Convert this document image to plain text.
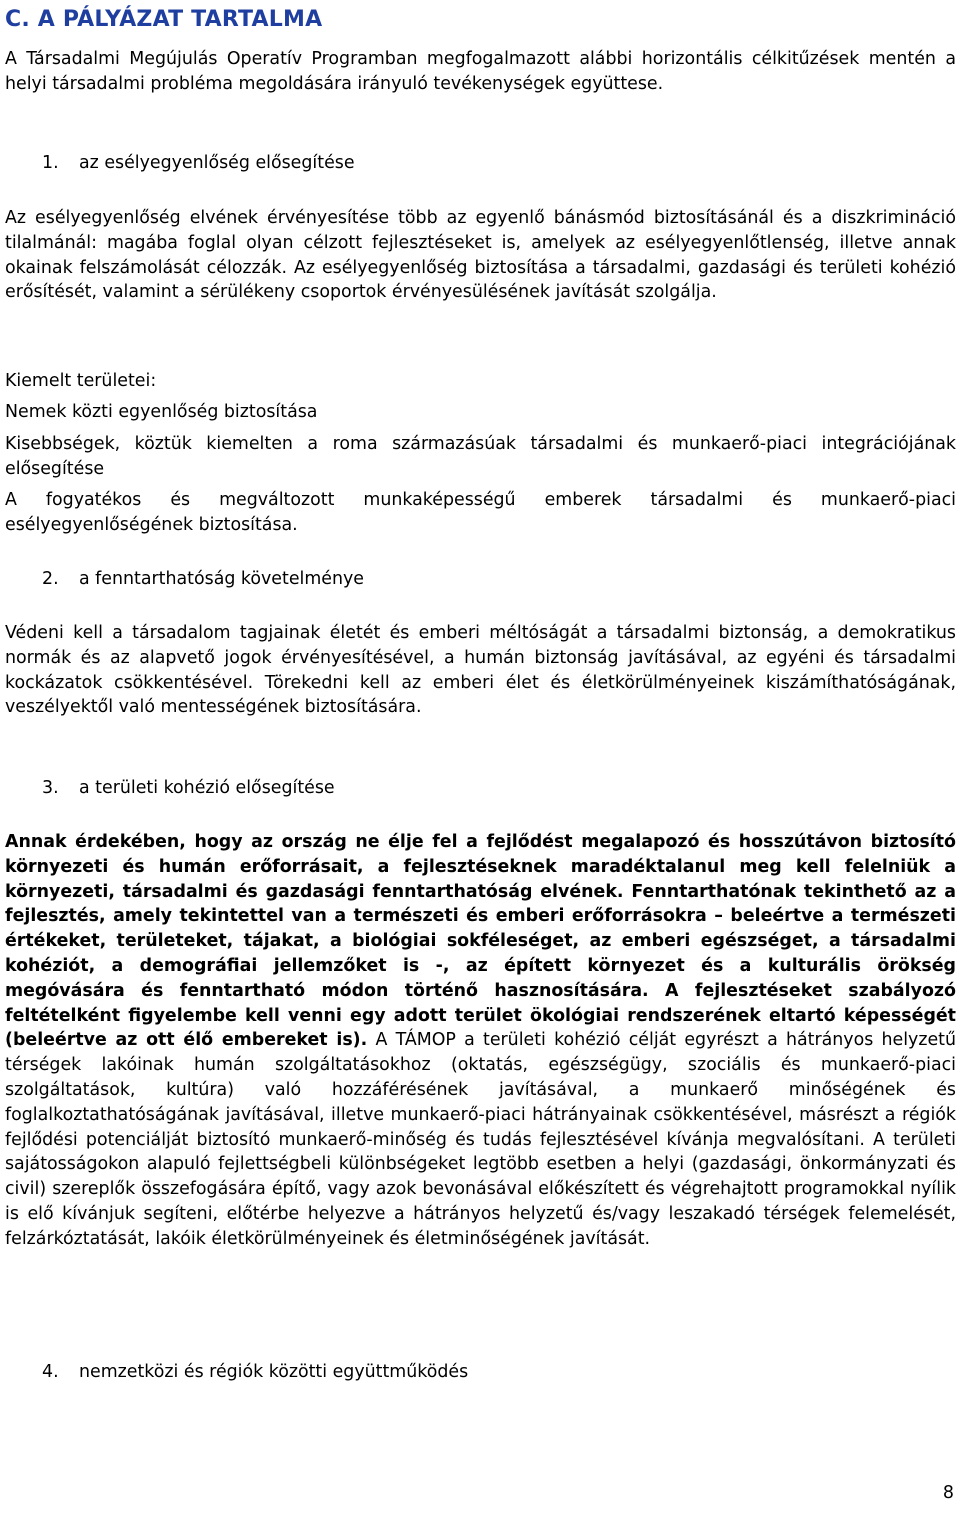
C. A PÁLYÁZAT TARTALMA

A Társadalmi Megújulás Operatív Programban megfogalmazott alábbi horizontális célkitűzések mentén a helyi társadalmi probléma megoldására irányuló tevékenységek együttese.

1. az esélyegyenlőség elősegítése

Az esélyegyenlőség elvének érvényesítése több az egyenlő bánásmód biztosításánál és a diszkrimináció tilalmánál: magába foglal olyan célzott fejlesztéseket is, amelyek az esélyegyenlőtlenség, illetve annak okainak felszámolását célozzák. Az esélyegyenlőség biztosítása a társadalmi, gazdasági és területi kohézió erősítését, valamint a sérülékeny csoportok érvényesülésének javítását szolgálja.

Kiemelt területei:

Nemek közti egyenlőség biztosítása

Kisebbségek, köztük kiemelten a roma származásúak társadalmi és munkaerő-piaci integrációjának elősegítése

A fogyatékos és megváltozott munkaképességű emberek társadalmi és munkaerő-piaci esélyegyenlőségének biztosítása.

2. a fenntarthatóság követelménye

Védeni kell a társadalom tagjainak életét és emberi méltóságát a társadalmi biztonság, a demokratikus normák és az alapvető jogok érvényesítésével, a humán biztonság javításával, az egyéni és társadalmi kockázatok csökkentésével. Törekedni kell az emberi élet és életkörülményeinek kiszámíthatóságának, veszélyektől való mentességének biztosítására.

3. a területi kohézió elősegítése

Annak érdekében, hogy az ország ne élje fel a fejlődést megalapozó és hosszútávon biztosító környezeti és humán erőforrásait, a fejlesztéseknek maradéktalanul meg kell felelniük a környezeti, társadalmi és gazdasági fenntarthatóság elvének. Fenntarthatónak tekinthető az a fejlesztés, amely tekintettel van a természeti és emberi erőforrásokra – beleértve a természeti értékeket, területeket, tájakat, a biológiai sokféleséget, az emberi egészséget, a társadalmi kohéziót, a demográfiai jellemzőket is -, az épített környezet és a kulturális örökség megóvására és fenntartható módon történő hasznosítására. A fejlesztéseket szabályozó feltételként figyelembe kell venni egy adott terület ökológiai rendszerének eltartó képességét (beleértve az ott élő embereket is). A TÁMOP a területi kohézió célját egyrészt a hátrányos helyzetű térségek lakóinak humán szolgáltatásokhoz (oktatás, egészségügy, szociális és munkaerő-piaci szolgáltatások, kultúra) való hozzáférésének javításával, a munkaerő minőségének és foglalkoztathatóságának javításával, illetve munkaerő-piaci hátrányainak csökkentésével, másrészt a régiók fejlődési potenciálját biztosító munkaerő-minőség és tudás fejlesztésével kívánja megvalósítani. A területi sajátosságokon alapuló fejlettségbeli különbségeket legtöbb esetben a helyi (gazdasági, önkormányzati és civil) szereplők összefogására építő, vagy azok bevonásával előkészített és végrehajtott programokkal nyílik is elő kívánjuk segíteni, előtérbe helyezve a hátrányos helyzetű és/vagy leszakadó térségek felemelését, felzárkóztatását, lakóik életkörülményeinek és életminőségének javítását.

4. nemzetközi és régiók közötti együttműködés

8
